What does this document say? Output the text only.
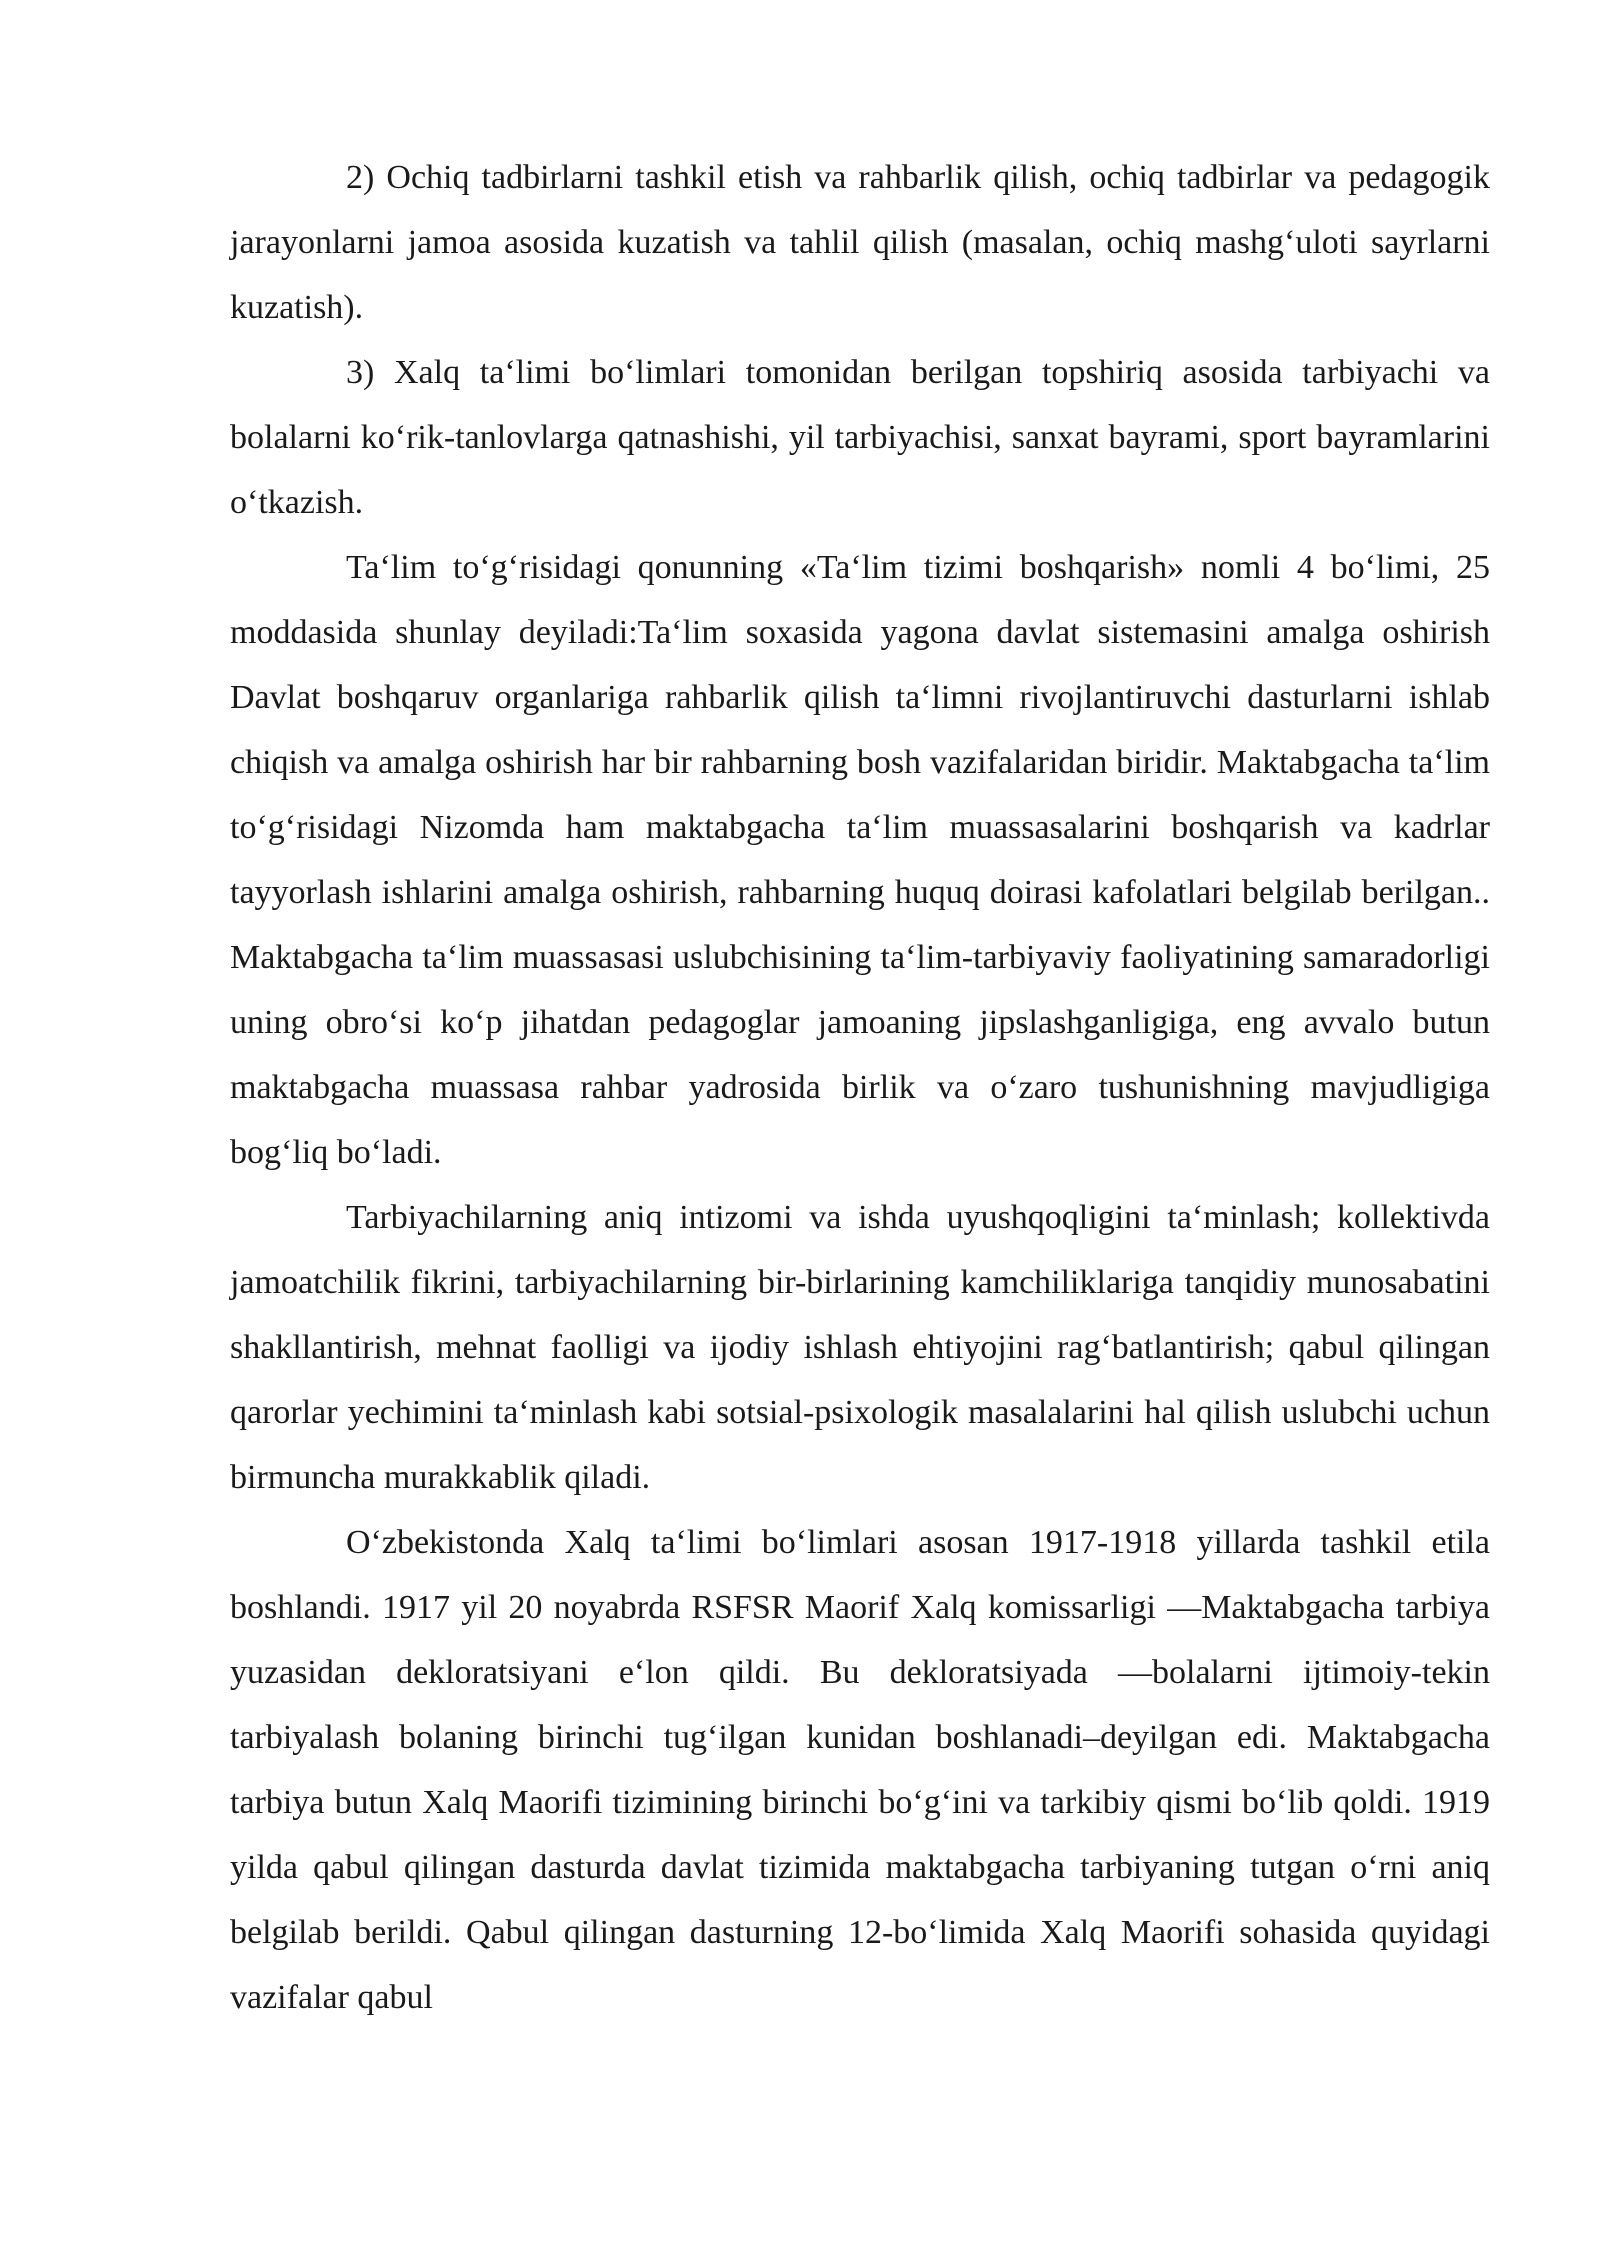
2) Ochiq tadbirlarni tashkil etish va rahbarlik qilish, ochiq tadbirlar va pedagogik jarayonlarni jamoa asosida kuzatish va tahlil qilish (masalan, ochiq mashg‘uloti sayrlarni kuzatish).

3) Xalq ta‘limi bo‘limlari tomonidan berilgan topshiriq asosida tarbiyachi va bolalarni ko‘rik-tanlovlarga qatnashishi, yil tarbiyachisi, sanxat bayrami, sport bayramlarini o‘tkazish.

Ta‘lim to‘g‘risidagi qonunning «Ta‘lim tizimi boshqarish» nomli 4 bo‘limi, 25 moddasida shunlay deyiladi:Ta‘lim soxasida yagona davlat sistemasini amalga oshirish Davlat boshqaruv organlariga rahbarlik qilish ta‘limni rivojlantiruvchi dasturlarni ishlab chiqish va amalga oshirish har bir rahbarning bosh vazifalaridan biridir. Maktabgacha ta‘lim to‘g‘risidagi Nizomda ham maktabgacha ta‘lim muassasalarini boshqarish va kadrlar tayyorlash ishlarini amalga oshirish, rahbarning huquq doirasi kafolatlari belgilab berilgan.. Maktabgacha ta‘lim muassasasi uslubchisining ta‘lim-tarbiyaviy faoliyatining samaradorligi uning obro‘si ko‘p jihatdan pedagoglar jamoaning jipslashganligiga, eng avvalo butun maktabgacha muassasa rahbar yadrosida birlik va o‘zaro tushunishning mavjudligiga bog‘liq bo‘ladi.

Tarbiyachilarning aniq intizomi va ishda uyushqoqligini ta‘minlash; kollektivda jamoatchilik fikrini, tarbiyachilarning bir-birlarining kamchiliklariga tanqidiy munosabatini shakllantirish, mehnat faolligi va ijodiy ishlash ehtiyojini rag‘batlantirish; qabul qilingan qarorlar yechimini ta‘minlash kabi sotsial-psixologik masalalarini hal qilish uslubchi uchun birmuncha murakkablik qiladi.

O‘zbekistonda Xalq ta‘limi bo‘limlari asosan 1917-1918 yillarda tashkil etila boshlandi. 1917 yil 20 noyabrda RSFSR Maorif Xalq komissarligi ―Maktabgacha tarbiya yuzasidan dekloratsiyani e‘lon qildi. Bu dekloratsiyada ―bolalarni ijtimoiy-tekin tarbiyalash bolaning birinchi tug‘ilgan kunidan boshlanadi–deyilgan edi. Maktabgacha tarbiya butun Xalq Maorifi tizimining birinchi bo‘g‘ini va tarkibiy qismi bo‘lib qoldi. 1919 yilda qabul qilingan dasturda davlat tizimida maktabgacha tarbiyaning tutgan o‘rni aniq belgilab berildi. Qabul qilingan dasturning 12-bo‘limida Xalq Maorifi sohasida quyidagi vazifalar qabul
